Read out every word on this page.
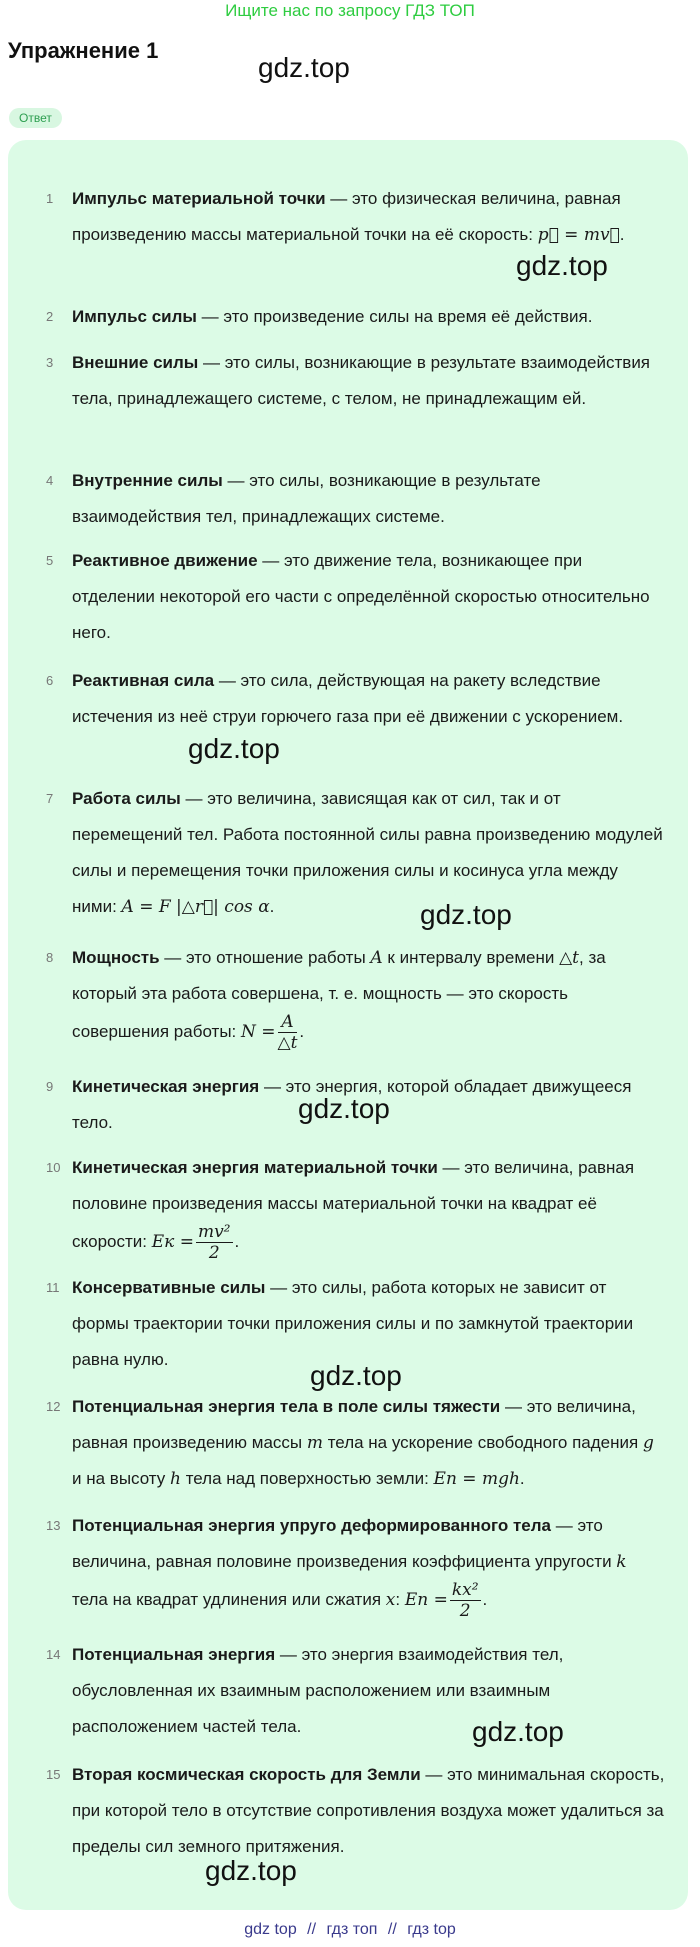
Ищите нас по запросу ГДЗ ТОП
Упражнение 1
gdz.top
Ответ
1 Импульс материальной точки — это физическая величина, равная произведению массы материальной точки на её скорость: p⃗ = mv⃗.
gdz.top
2 Импульс силы — это произведение силы на время её действия.
3 Внешние силы — это силы, возникающие в результате взаимодействия тела, принадлежащего системе, с телом, не принадлежащим ей.
4 Внутренние силы — это силы, возникающие в результате взаимодействия тел, принадлежащих системе.
5 Реактивное движение — это движение тела, возникающее при отделении некоторой его части с определённой скоростью относительно него.
6 Реактивная сила — это сила, действующая на ракету вследствие истечения из неё струи горючего газа при её движении с ускорением.
gdz.top
7 Работа силы — это величина, зависящая как от сил, так и от перемещений тел. Работа постоянной силы равна произведению модулей силы и перемещения точки приложения силы и косинуса угла между ними: A = F |△r⃗| cos α.	gdz.top
8 Мощность — это отношение работы A к интервалу времени △t, за который эта работа совершена, т. е. мощность — это скорость совершения работы: $N = \frac{A}{\triangle t}$ .
9 Кинетическая энергия — это энергия, которой обладает движущееся тело.	gdz.top
10 Кинетическая энергия материальной точки — это величина, равная половине произведения массы материальной точки на квадрат её скорости: Eк = $\frac{\text{mv²}}{2}$ .
11 Консервативные силы — это силы, работа которых не зависит от формы траектории точки приложения силы и по замкнутой траектории равна нулю.
gdz.top
12 Потенциальная энергия тела в поле силы тяжести — это величина, равная произведению массы m тела на ускорение свободного падения g и на высоту h тела над поверхностью земли: Eп = mgh.
13 Потенциальная энергия упруго деформированного тела — это величина, равная половине произведения коэффициента упругости k тела на квадрат удлинения или сжатия x: Eп = $\frac{\text{kx²}}{2}$ .
14 Потенциальная энергия — это энергия взаимодействия тел, обусловленная их взаимным расположением или взаимным расположением частей тела.	gdz.top
15 Вторая космическая скорость для Земли — это минимальная скорость, при которой тело в отсутствие сопротивления воздуха может удалиться за пределы сил земного притяжения.
gdz.top
gdz top // гдз топ // гдз top
